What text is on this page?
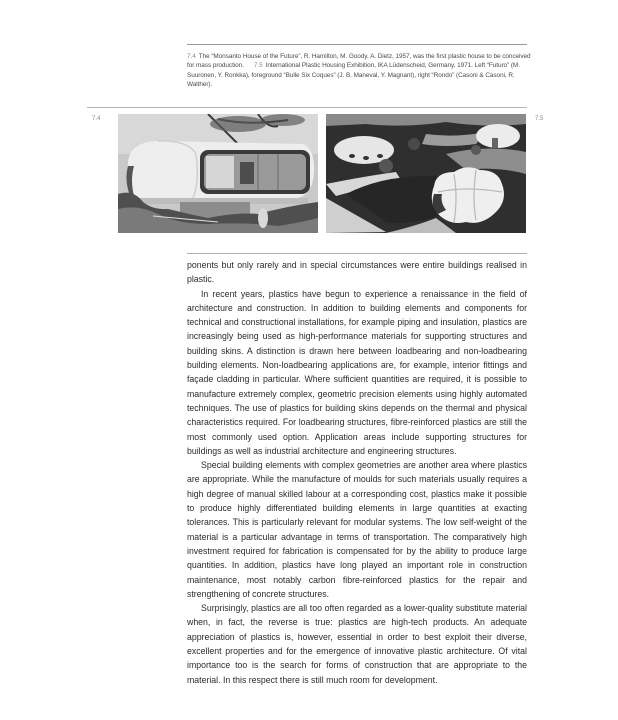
7.4 The “Monsanto House of the Future”, R. Hamilton, M. Goody, A. Dietz, 1957, was the first plastic house to be conceived for mass production. 7.5 International Plastic Housing Exhibition, IKA Lüdenscheid, Germany, 1971. Left “Futuro” (M. Suuronen, Y. Ronkka), foreground “Bulle Six Coques” (J. B. Maneval, Y. Magnant), right “Rondo” (Casoni & Casoni, R. Walther).
7.4	7.5

ponents but only rarely and in special circumstances were entire buildings realised in plastic.

In recent years, plastics have begun to experience a renaissance in the field of architecture and construction. In addition to building elements and components for technical and constructional installations, for example piping and insulation, plastics are increasingly being used as high-performance materials for supporting structures and building skins. A distinction is drawn here between loadbearing and non-loadbearing building elements. Non-loadbearing applications are, for example, interior fittings and façade cladding in particular. Where sufficient quantities are required, it is possible to manufacture extremely complex, geometric precision elements using highly automated techniques. The use of plastics for building skins depends on the thermal and physical characteristics required. For loadbearing structures, fibre-reinforced plastics are still the most commonly used option. Application areas include supporting structures for buildings as well as industrial architecture and engineering structures.

Special building elements with complex geometries are another area where plastics are appropriate. While the manufacture of moulds for such materials usually requires a high degree of manual skilled labour at a corresponding cost, plastics make it possible to produce highly differentiated building elements in large quantities at exacting tolerances. This is particularly relevant for modular systems. The low self-weight of the material is a particular advantage in terms of transportation. The comparatively high investment required for fabrication is compensated for by the ability to produce large quantities. In addition, plastics have long played an important role in construction maintenance, most notably carbon fibre-reinforced plastics for the repair and strengthening of concrete structures.

Surprisingly, plastics are all too often regarded as a lower-quality substitute material when, in fact, the reverse is true: plastics are high-tech products. An adequate appreciation of plastics is, however, essential in order to best exploit their diverse, excellent properties and for the emergence of innovative plastic architecture. Of vital importance too is the search for forms of construction that are appropriate to the material. In this respect there is still much room for development.
